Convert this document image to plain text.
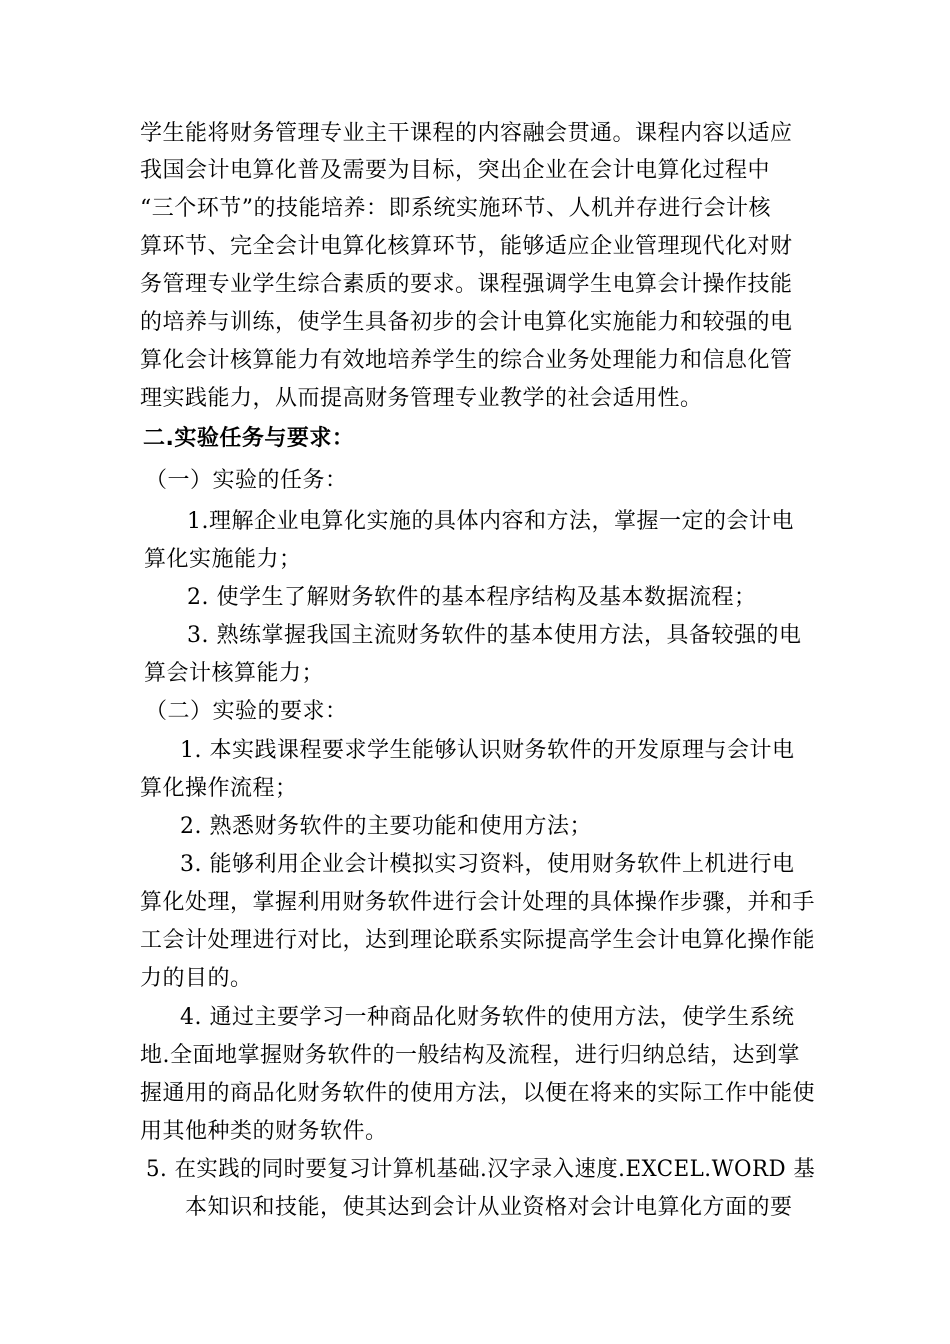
学生能将财务管理专业主干课程的内容融会贯通。课程内容以适应
我国会计电算化普及需要为目标，突出企业在会计电算化过程中
“三个环节”的技能培养：即系统实施环节、人机并存进行会计核
算环节、完全会计电算化核算环节，能够适应企业管理现代化对财
务管理专业学生综合素质的要求。课程强调学生电算会计操作技能
的培养与训练，使学生具备初步的会计电算化实施能力和较强的电
算化会计核算能力有效地培养学生的综合业务处理能力和信息化管
理实践能力，从而提高财务管理专业教学的社会适用性。
二.实验任务与要求：
（一）实验的任务：
1.理解企业电算化实施的具体内容和方法，掌握一定的会计电
算化实施能力；
2. 使学生了解财务软件的基本程序结构及基本数据流程；
3. 熟练掌握我国主流财务软件的基本使用方法，具备较强的电
算会计核算能力；
（二）实验的要求：
1. 本实践课程要求学生能够认识财务软件的开发原理与会计电
算化操作流程；
2. 熟悉财务软件的主要功能和使用方法；
3. 能够利用企业会计模拟实习资料，使用财务软件上机进行电
算化处理，掌握利用财务软件进行会计处理的具体操作步骤，并和手
工会计处理进行对比，达到理论联系实际提高学生会计电算化操作能
力的目的。
4. 通过主要学习一种商品化财务软件的使用方法，使学生系统
地.全面地掌握财务软件的一般结构及流程，进行归纳总结，达到掌
握通用的商品化财务软件的使用方法，以便在将来的实际工作中能使
用其他种类的财务软件。
5. 在实践的同时要复习计算机基础.汉字录入速度.EXCEL.WORD 基
本知识和技能，使其达到会计从业资格对会计电算化方面的要
